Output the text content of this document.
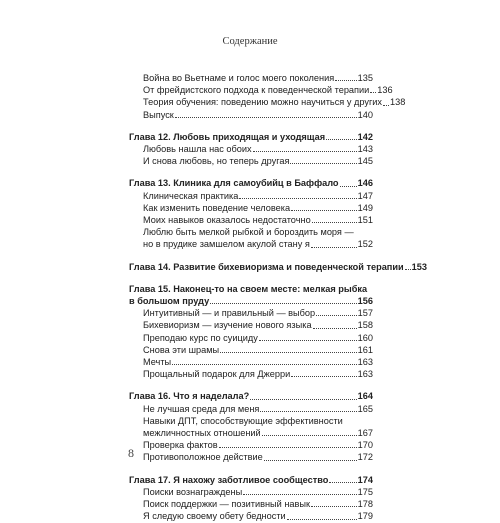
Содержание
Война во Вьетнаме и голос моего поколения	135
От фрейдистского подхода к поведенческой терапии 136
Теория обучения: поведению можно научиться у других 138
Выпуск	140
Глава 12. Любовь приходящая и уходящая	142
Любовь нашла нас обоих	143
И снова любовь, но теперь другая	145
Глава 13. Клиника для самоубийц в Баффало 146
Клиническая практика	147
Как изменить поведение человека	149
Моих навыков оказалось недостаточно	151
Люблю быть мелкой рыбкой и бороздить моря —
но в прудике замшелом акулой стану я	152
Глава 14. Развитие бихевиоризма и поведенческой терапии 153
Глава 15. Наконец-то на своем месте: мелкая рыбка
в большом пруду	156
Интуитивный — и правильный — выбор	157
Бихевиоризм — изучение нового языка	158
Преподаю курс по суициду	160
Снова эти шрамы	161
Мечты	163
Прощальный подарок для Джерри	163
Глава 16. Что я наделала?	164
Не лучшая среда для меня	165
Навыки ДПТ, способствующие эффективности
межличностных отношений	167
Проверка фактов	170
Противоположное действие	172
Глава 17. Я нахожу заботливое сообщество	174
Поиски вознаграждены	175
Поиск поддержки — позитивный навык	178
Я следую своему обету бедности	179
8
